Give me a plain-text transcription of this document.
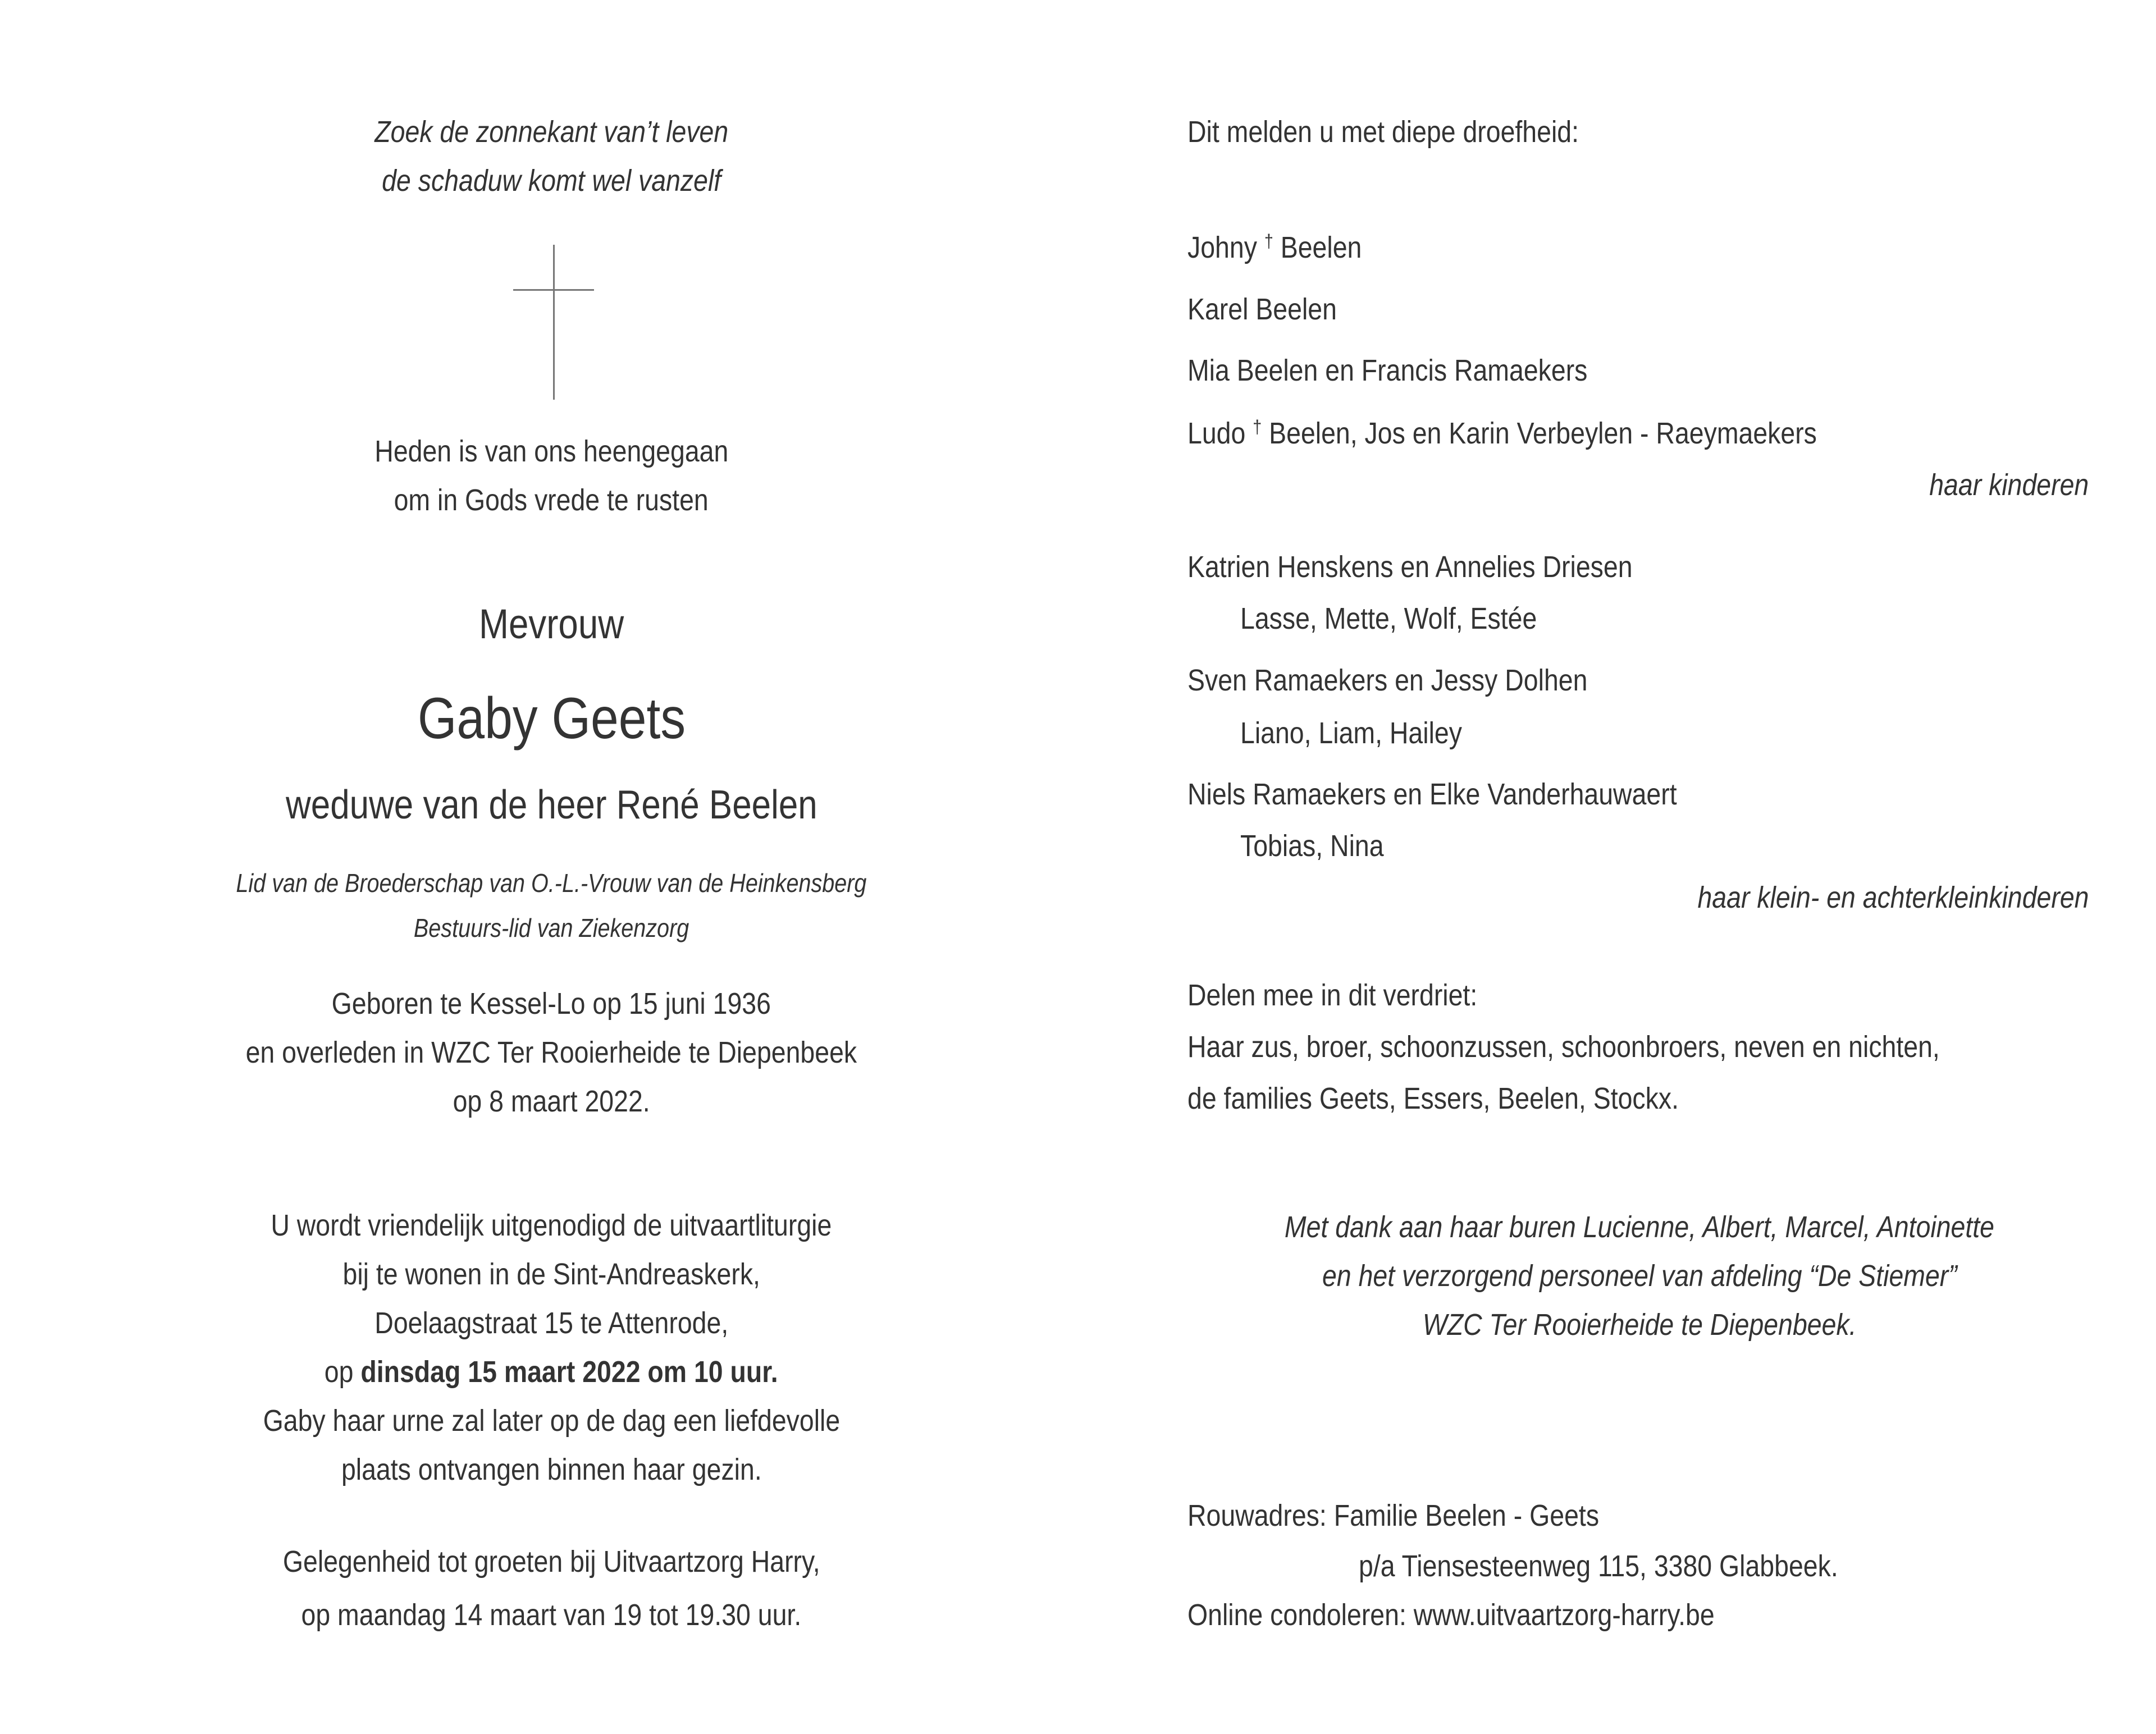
Zoek de zonnekant van’t leven
de schaduw komt wel vanzelf
Heden is van ons heengegaan
om in Gods vrede te rusten
Mevrouw
Gaby Geets
weduwe van de heer René Beelen
Lid van de Broederschap van O.-L.-Vrouw van de Heinkensberg
Bestuurs-lid van Ziekenzorg
Geboren te Kessel-Lo op 15 juni 1936
en overleden in WZC Ter Rooierheide te Diepenbeek
op 8 maart 2022.
U wordt vriendelijk uitgenodigd de uitvaartliturgie
bij te wonen in de Sint-Andreaskerk,
Doelaagstraat 15 te Attenrode,
op dinsdag 15 maart 2022 om 10 uur.
Gaby haar urne zal later op de dag een liefdevolle
plaats ontvangen binnen haar gezin.
Gelegenheid tot groeten bij Uitvaartzorg Harry,
op maandag 14 maart van 19 tot 19.30 uur.
Dit melden u met diepe droefheid:
Johny † Beelen
Karel Beelen
Mia Beelen en Francis Ramaekers
Ludo † Beelen, Jos en Karin Verbeylen - Raeymaekers
haar kinderen
Katrien Henskens en Annelies Driesen
Lasse, Mette, Wolf, Estée
Sven Ramaekers en Jessy Dolhen
Liano, Liam, Hailey
Niels Ramaekers en Elke Vanderhauwaert
Tobias, Nina
haar klein- en achterkleinkinderen
Delen mee in dit verdriet:
Haar zus, broer, schoonzussen, schoonbroers, neven en nichten,
de families Geets, Essers, Beelen, Stockx.
Met dank aan haar buren Lucienne, Albert, Marcel, Antoinette
en het verzorgend personeel van afdeling “De Stiemer”
WZC Ter Rooierheide te Diepenbeek.
Rouwadres: Familie Beelen - Geets
p/a Tiensesteenweg 115, 3380 Glabbeek.
Online condoleren: www.uitvaartzorg-harry.be
